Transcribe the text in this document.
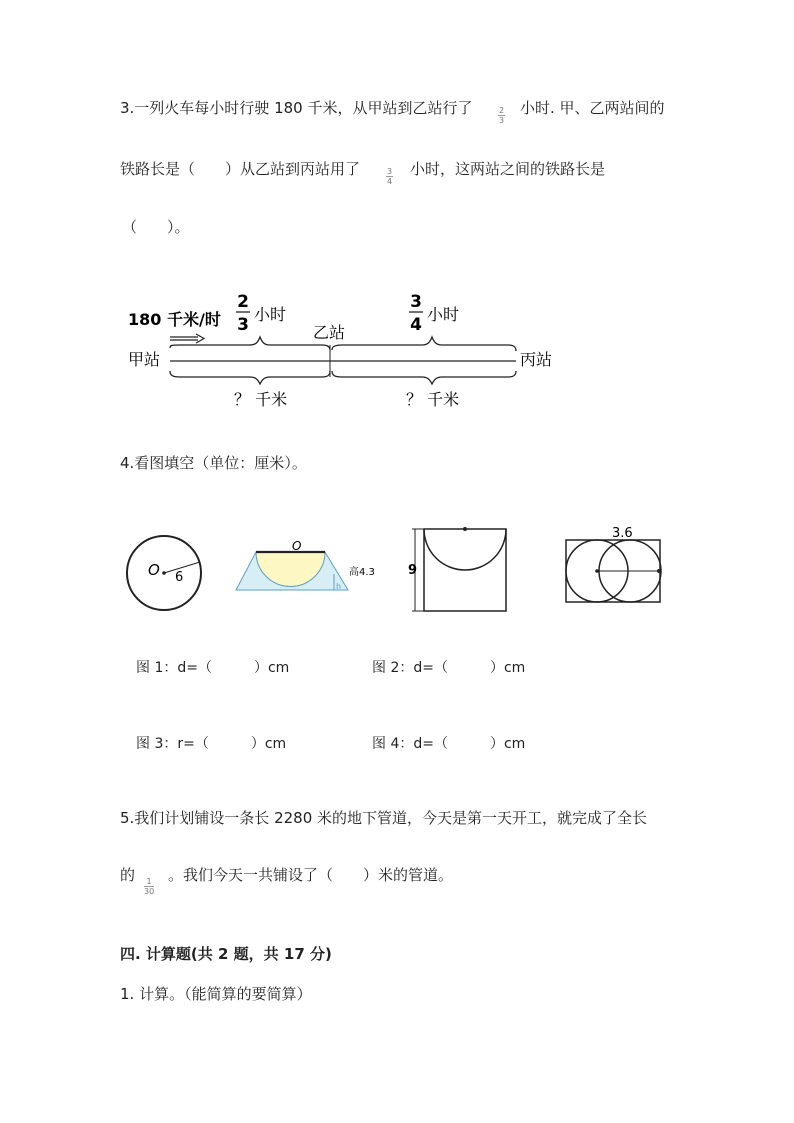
3.一列火车每小时行驶 180 千米，从甲站到乙站行了	2
3
小时. 甲、乙两站间的
铁路长是（　　）从乙站到丙站用了	3
4
小时，这两站之间的铁路长是
（　　）。
180 千米/时
2
3
小时
3
4
小时
甲站
乙站
丙站
？ 千米	？ 千米
4.看图填空（单位：厘米）。
O 6
O
h
高4.3	9
3.6
图 1：d=（　　　）cm	图 2：d=（　　　）cm
图 3：r=（　　　）cm	图 4：d=（　　　）cm
5.我们计划铺设一条长 2280 米的地下管道，今天是第一天开工，就完成了全长
的	1
30
。我们今天一共铺设了（　　）米的管道。
四. 计算题(共 2 题，共 17 分)
1. 计算。（能简算的要简算）
